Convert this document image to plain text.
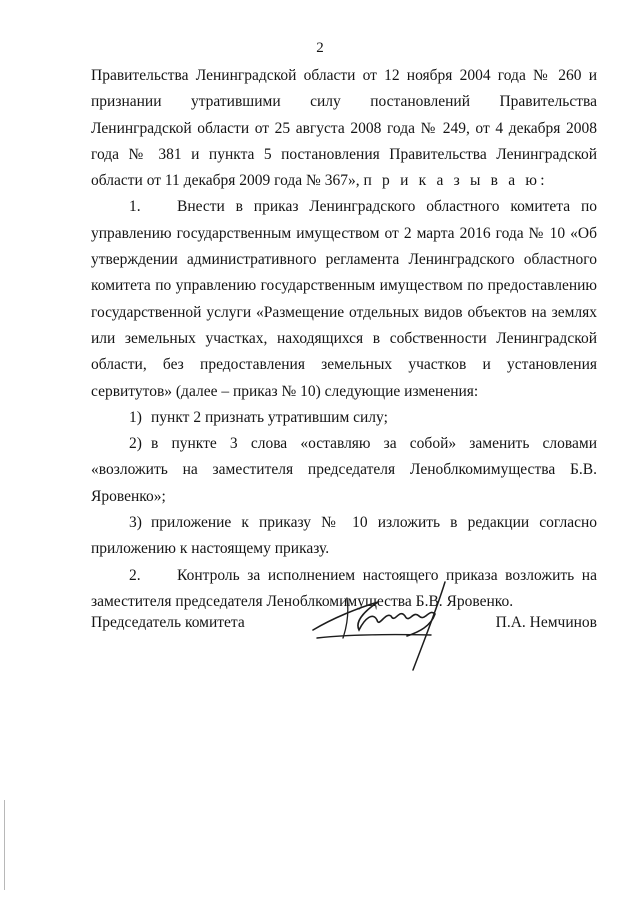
2

Правительства Ленинградской области от 12 ноября 2004 года № 260 и признании утратившими силу постановлений Правительства Ленинградской области от 25 августа 2008 года № 249, от 4 декабря 2008 года № 381 и пункта 5 постановления Правительства Ленинградской области от 11 декабря 2009 года № 367», п р и к а з ы в а ю:

1. Внести в приказ Ленинградского областного комитета по управлению государственным имуществом от 2 марта 2016 года № 10 «Об утверждении административного регламента Ленинградского областного комитета по управлению государственным имуществом по предоставлению государственной услуги «Размещение отдельных видов объектов на землях или земельных участках, находящихся в собственности Ленинградской области, без предоставления земельных участков и установления сервитутов» (далее – приказ № 10) следующие изменения:

1) пункт 2 признать утратившим силу;

2) в пункте 3 слова «оставляю за собой» заменить словами «возложить на заместителя председателя Леноблкомимущества Б.В. Яровенко»;

3) приложение к приказу № 10 изложить в редакции согласно приложению к настоящему приказу.

2. Контроль за исполнением настоящего приказа возложить на заместителя председателя Леноблкомимущества Б.В. Яровенко.

Председатель комитета	П.А. Немчинов
